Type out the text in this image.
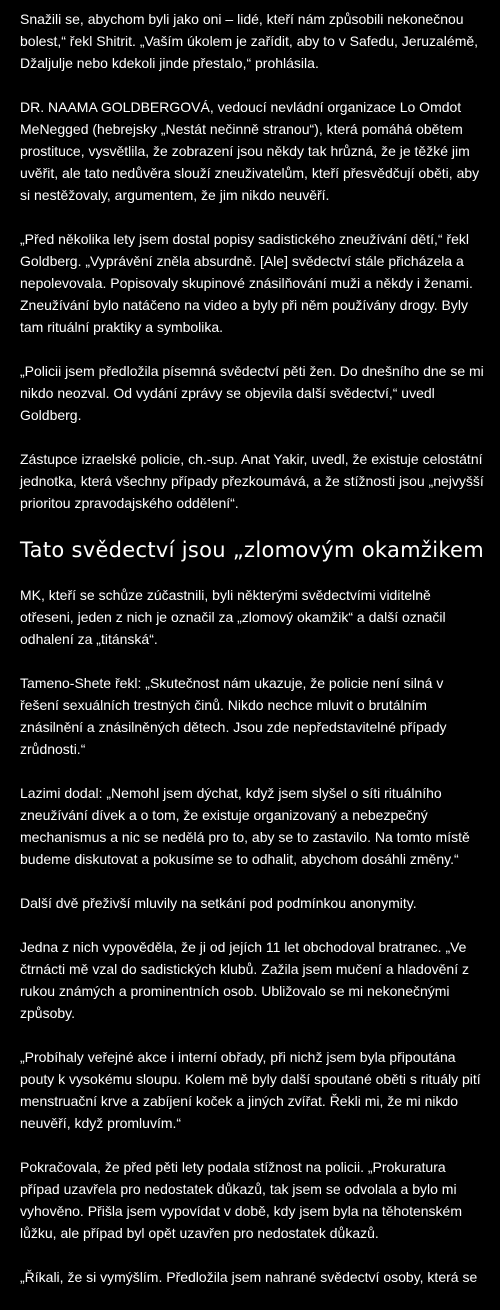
Snažili se, abychom byli jako oni – lidé, kteří nám způsobili nekonečnou bolest,“ řekl Shitrit. „Vaším úkolem je zařídit, aby to v Safedu, Jeruzalémě, Džaljulje nebo kdekoli jinde přestalo,“ prohlásila.

DR. NAAMA GOLDBERGOVÁ, vedoucí nevládní organizace Lo Omdot MeNegged (hebrejsky „Nestát nečinně stranou“), která pomáhá obětem prostituce, vysvětlila, že zobrazení jsou někdy tak hrůzná, že je těžké jim uvěřit, ale tato nedůvěra slouží zneuživatelům, kteří přesvědčují oběti, aby si nestěžovaly, argumentem, že jim nikdo neuvěří.

„Před několika lety jsem dostal popisy sadistického zneužívání dětí,“ řekl Goldberg. „Vyprávění zněla absurdně. [Ale] svědectví stále přicházela a nepolevovala. Popisovaly skupinové znásilňování muži a někdy i ženami. Zneužívání bylo natáčeno na video a byly při něm používány drogy. Byly tam rituální praktiky a symbolika.

„Policii jsem předložila písemná svědectví pěti žen. Do dnešního dne se mi nikdo neozval. Od vydání zprávy se objevila další svědectví,“ uvedl Goldberg.

Zástupce izraelské policie, ch.-sup. Anat Yakir, uvedl, že existuje celostátní jednotka, která všechny případy přezkoumává, a že stížnosti jsou „nejvyšší prioritou zpravodajského oddělení“.

Tato svědectví jsou „zlomovým okamžikem

MK, kteří se schůze zúčastnili, byli některými svědectvími viditelně otřeseni, jeden z nich je označil za „zlomový okamžik“ a další označil odhalení za „titánská“.

Tameno-Shete řekl: „Skutečnost nám ukazuje, že policie není silná v řešení sexuálních trestných činů. Nikdo nechce mluvit o brutálním znásilnění a znásilněných dětech. Jsou zde nepředstavitelné případy zrůdnosti.“

Lazimi dodal: „Nemohl jsem dýchat, když jsem slyšel o síti rituálního zneužívání dívek a o tom, že existuje organizovaný a nebezpečný mechanismus a nic se nedělá pro to, aby se to zastavilo. Na tomto místě budeme diskutovat a pokusíme se to odhalit, abychom dosáhli změny.“

Další dvě přeživší mluvily na setkání pod podmínkou anonymity.

Jedna z nich vypověděla, že ji od jejích 11 let obchodoval bratranec. „Ve čtrnácti mě vzal do sadistických klubů. Zažila jsem mučení a hladovění z rukou známých a prominentních osob. Ubližovalo se mi nekonečnými způsoby.

„Probíhaly veřejné akce i interní obřady, při nichž jsem byla připoutána pouty k vysokému sloupu. Kolem mě byly další spoutané oběti s rituály pití menstruační krve a zabíjení koček a jiných zvířat. Řekli mi, že mi nikdo neuvěří, když promluvím.“

Pokračovala, že před pěti lety podala stížnost na policii. „Prokuratura případ uzavřela pro nedostatek důkazů, tak jsem se odvolala a bylo mi vyhověno. Přišla jsem vypovídat v době, kdy jsem byla na těhotenském lůžku, ale případ byl opět uzavřen pro nedostatek důkazů.

„Říkali, že si vymýšlím. Předložila jsem nahrané svědectví osoby, která se
